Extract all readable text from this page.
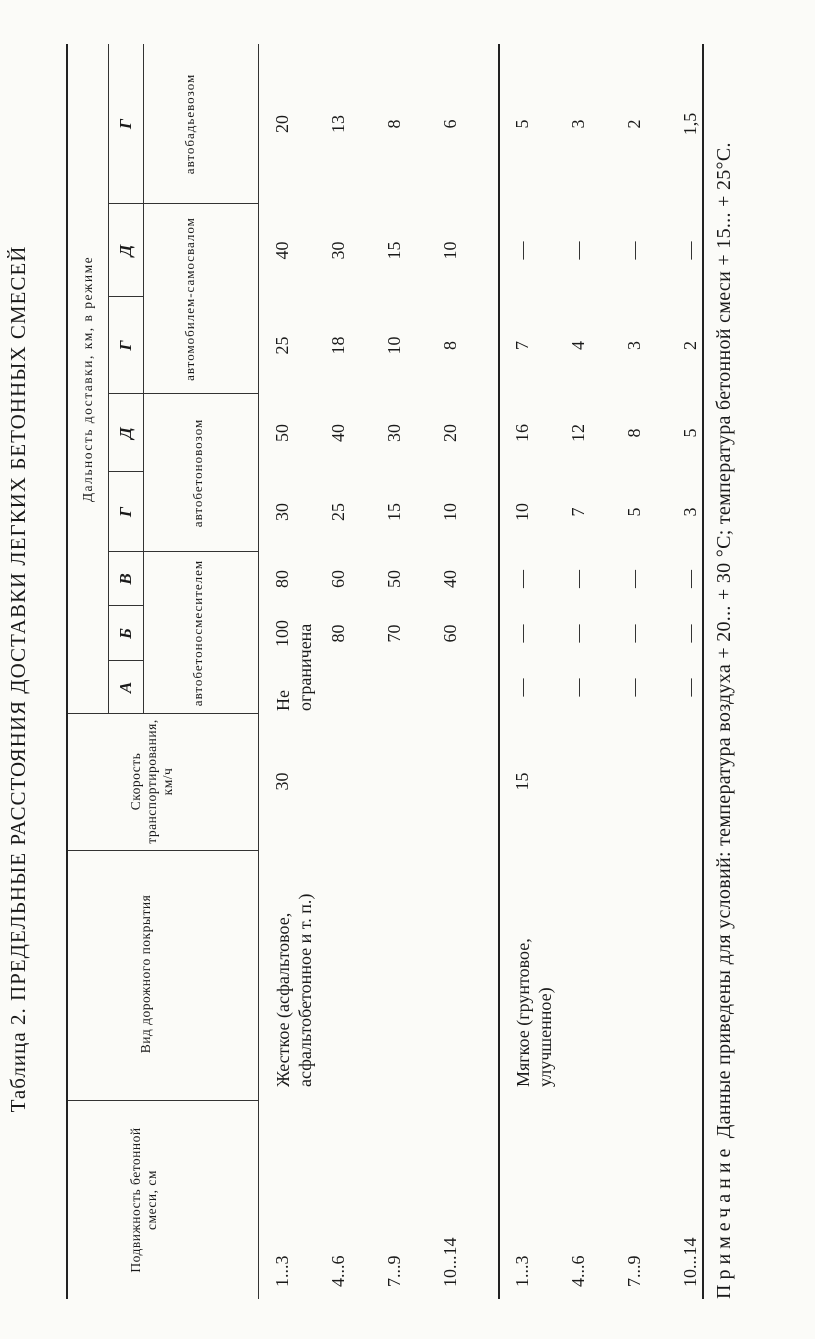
Таблица 2. ПРЕДЕЛЬНЫЕ РАССТОЯНИЯ ДОСТАВКИ ЛЕГКИХ БЕТОННЫХ СМЕСЕЙ
Подвижность бетонной смеси, см
Вид дорожного покрытия
Скорость транспортирования, км/ч
Дальность доставки, км, в режиме
А
Б
В
Г
Д
Г
Д
Г
автобетоносмесителем
автобетоновозом
автомобилем-самосвалом
автобадьевозом
Жесткое (асфальтовое, асфальтобетонное и т. п.)
30
Не ограничена
1...3 4...6 7...9 10...14
100
80
30
50
25
40
20
80
60
25
40
18
30
13
70
50
15
30
10
15
8
60
40
10
20
8
10
6
Мягкое (грунтовое, улучшенное)
15
1...3 4...6 7...9 10...14
—
—
—
10
16
7
—
5
—
—
—
7
12
4
—
3
—
—
—
5
8
3
—
2
—
—
—
3
5
2
—
1,5
Примечание Данные приведены для условий: температура воздуха + 20... + 30 °С; температура бетонной смеси + 15... + 25°С.
